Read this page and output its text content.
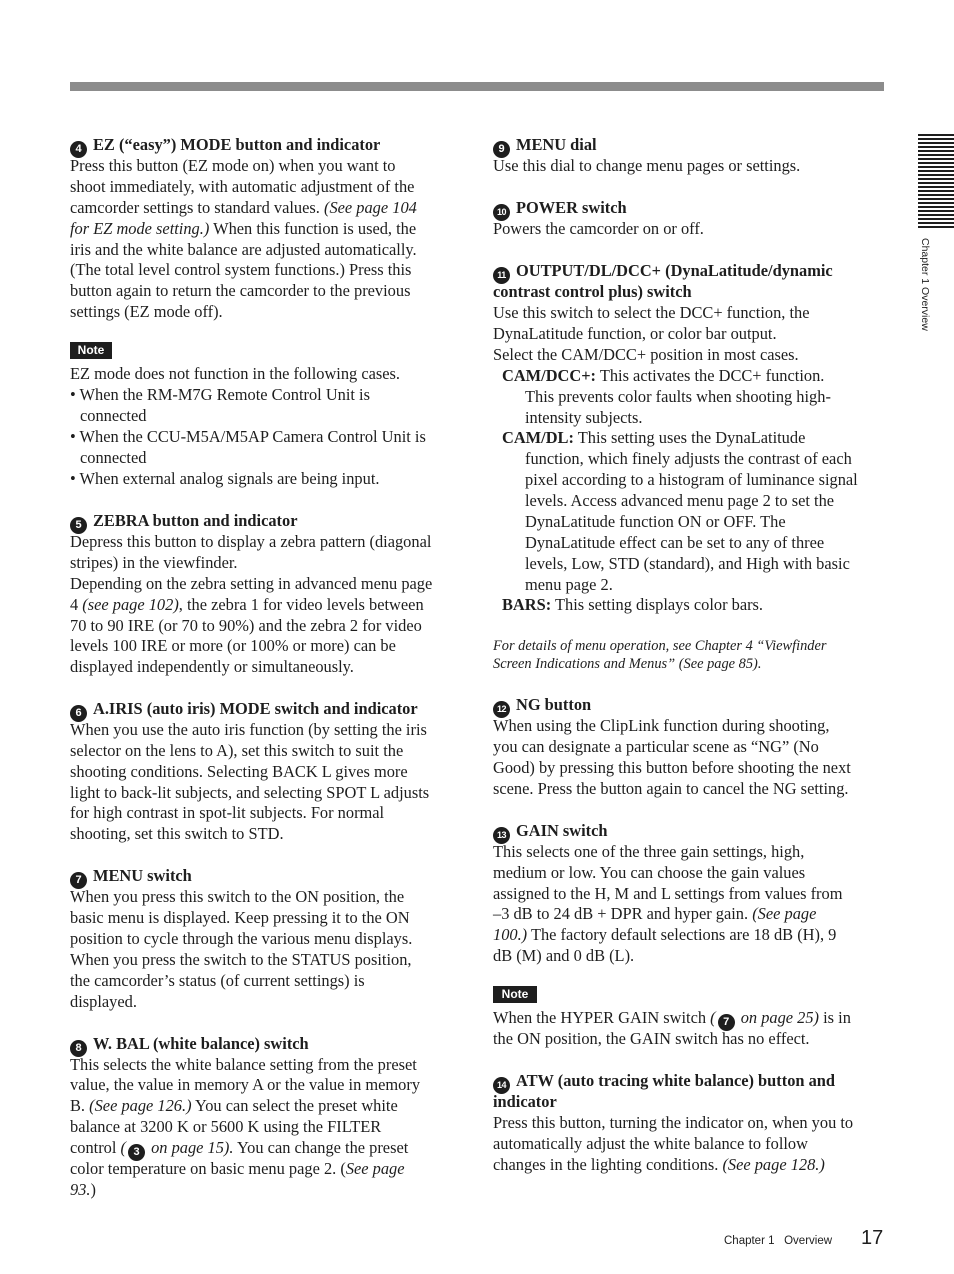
Chapter 1 Overview
4 EZ (“easy”) MODE button and indicator
Press this button (EZ mode on) when you want to
shoot immediately, with automatic adjustment of the
camcorder settings to standard values. (See page 104
for EZ mode setting.) When this function is used, the
iris and the white balance are adjusted automatically.
(The total level control system functions.) Press this
button again to return the camcorder to the previous
settings (EZ mode off).
Note
EZ mode does not function in the following cases.
• When the RM-M7G Remote Control Unit is
connected
• When the CCU-M5A/M5AP Camera Control Unit is
connected
• When external analog signals are being input.
5 ZEBRA button and indicator
Depress this button to display a zebra pattern (diagonal
stripes) in the viewfinder.
Depending on the zebra setting in advanced menu page
4 (see page 102), the zebra 1 for video levels between
70 to 90 IRE (or 70 to 90%) and the zebra 2 for video
levels 100 IRE or more (or 100% or more) can be
displayed independently or simultaneously.
6 A.IRIS (auto iris) MODE switch and indicator
When you use the auto iris function (by setting the iris
selector on the lens to A), set this switch to suit the
shooting conditions. Selecting BACK L gives more
light to back-lit subjects, and selecting SPOT L adjusts
for high contrast in spot-lit subjects. For normal
shooting, set this switch to STD.
7 MENU switch
When you press this switch to the ON position, the
basic menu is displayed. Keep pressing it to the ON
position to cycle through the various menu displays.
When you press the switch to the STATUS position,
the camcorder’s status (of current settings) is
displayed.
8 W. BAL (white balance) switch
This selects the white balance setting from the preset
value, the value in memory A or the value in memory
B. (See page 126.) You can select the preset white
balance at 3200 K or 5600 K using the FILTER
control ( 3 on page 15). You can change the preset
color temperature on basic menu page 2. (See page
93.)
9 MENU dial
Use this dial to change menu pages or settings.
10 POWER switch
Powers the camcorder on or off.
11 OUTPUT/DL/DCC+ (DynaLatitude/dynamic
contrast control plus) switch
Use this switch to select the DCC+ function, the
DynaLatitude function, or color bar output.
Select the CAM/DCC+ position in most cases.
CAM/DCC+: This activates the DCC+ function.
This prevents color faults when shooting high-
intensity subjects.
CAM/DL: This setting uses the DynaLatitude
function, which finely adjusts the contrast of each
pixel according to a histogram of luminance signal
levels. Access advanced menu page 2 to set the
DynaLatitude function ON or OFF. The
DynaLatitude effect can be set to any of three
levels, Low, STD (standard), and High with basic
menu page 2.
BARS: This setting displays color bars.
For details of menu operation, see Chapter 4 “Viewfinder
Screen Indications and Menus” (See page 85).
12 NG button
When using the ClipLink function during shooting,
you can designate a particular scene as “NG” (No
Good) by pressing this button before shooting the next
scene. Press the button again to cancel the NG setting.
13 GAIN switch
This selects one of the three gain settings, high,
medium or low. You can choose the gain values
assigned to the H, M and L settings from values from
–3 dB to 24 dB + DPR and hyper gain. (See page
100.) The factory default selections are 18 dB (H), 9
dB (M) and 0 dB (L).
Note
When the HYPER GAIN switch ( 7 on page 25) is in
the ON position, the GAIN switch has no effect.
14 ATW (auto tracing white balance) button and
indicator
Press this button, turning the indicator on, when you to
automatically adjust the white balance to follow
changes in the lighting conditions. (See page 128.)
Chapter 1 Overview 17
